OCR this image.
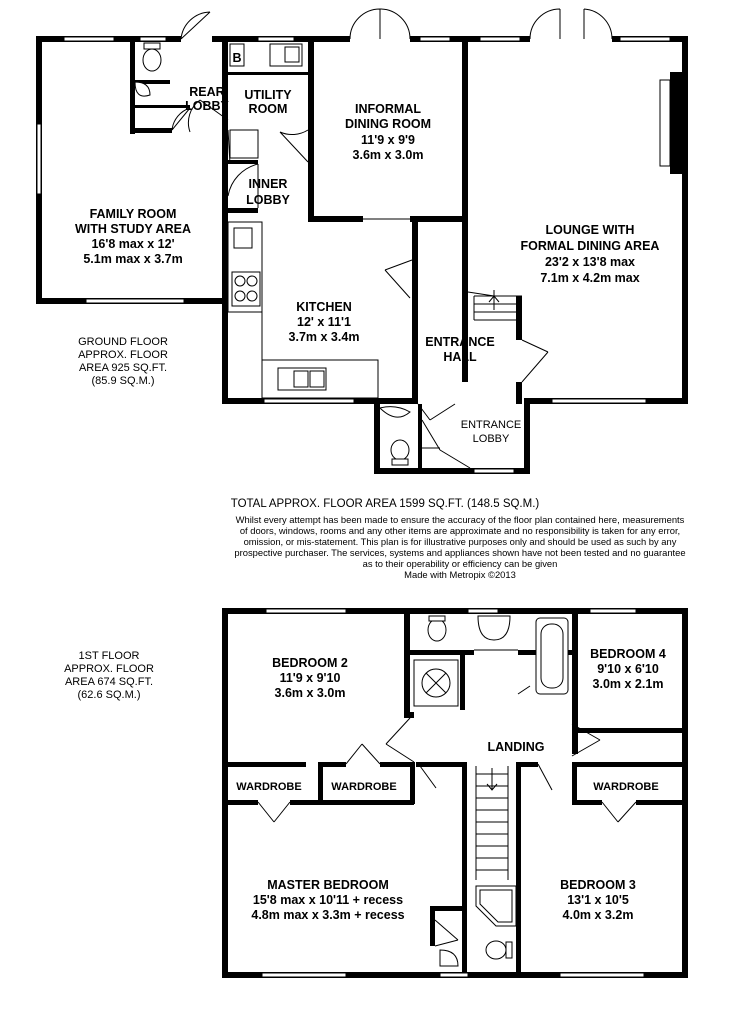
REAR
LOBBY
UTILITY
ROOM
B
INFORMAL
DINING ROOM
11'9 x 9'9
3.6m x 3.0m
INNER
LOBBY
FAMILY ROOM
WITH STUDY AREA
16'8 max x 12'
5.1m max x 3.7m
LOUNGE WITH
FORMAL DINING AREA
23'2 x 13'8 max
7.1m x 4.2m max
KITCHEN
12' x 11'1
3.7m x 3.4m	ENTRANCE
HALL
ENTRANCE
LOBBY
BEDROOM 2
11'9 x 9'10
3.6m x 3.0m
BEDROOM 4
9'10 x 6'10
3.0m x 2.1m
LANDING
WARDROBE	WARDROBE	WARDROBE
MASTER BEDROOM
15'8 max x 10'11 + recess
4.8m max x 3.3m + recess
BEDROOM 3
13'1 x 10'5
4.0m x 3.2m
GROUND FLOOR
APPROX. FLOOR
AREA 925 SQ.FT.
(85.9 SQ.M.)
1ST FLOOR
APPROX. FLOOR
AREA 674 SQ.FT.
(62.6 SQ.M.)
TOTAL APPROX. FLOOR AREA 1599 SQ.FT. (148.5 SQ.M.)
Whilst every attempt has been made to ensure the accuracy of the floor plan contained here, measurements
of doors, windows, rooms and any other items are approximate and no responsibility is taken for any error,
omission, or mis-statement. This plan is for illustrative purposes only and should be used as such by any
prospective purchaser. The services, systems and appliances shown have not been tested and no guarantee
as to their operability or efficiency can be given
Made with Metropix ©2013
